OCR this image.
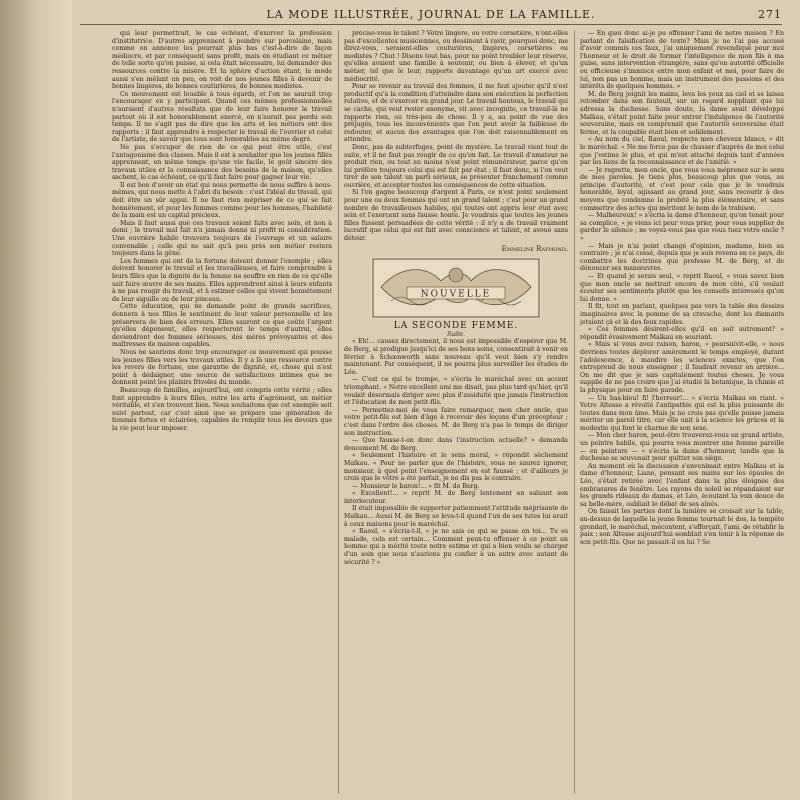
LA MODE ILLUSTRÉE, JOURNAL DE LA FAMILLE.	271

qui leur permettrait, le cas échéant, d'exercer la profession d'institutrice. D'autres apprennent à peindre sur porcelaine, mais comme on annonce les pourrait plus bas c'est-à-dire de façon médiocre, et par conséquent sans profit, mais en étudiant ce métier de telle sorte qu'on puisse, si cela était nécessaire, lui demander des ressources contre la misère. Et la sphère d'action étant, la mode aussi s'en mêlant un peu, on voit de nos jeunes filles à devenir de bonnes lingères, de bonnes couturières, de bonnes modistes.

Ce mouvement est louable à tous égards, et l'on ne saurait trop l'encourager en y participant. Quand ces mêmes professionnelles n'auraient d'autres résultats que de leur faire honorer le travail partout où il est honorablement exercé, on n'aurait pas perdu son temps. Il ne s'agit pas de dire que les arts et les métiers ont des rapports ; il faut apprendre à respecter le travail de l'ouvrier et celui de l'artiste, de savoir que tous sont honorables au même degré.

Ne pas s'occuper de rien de ce qui peut être utile, c'est l'antagonisme des classes. Mais il est à souhaiter que les jeunes filles apprennent, en même temps qu'une vie facile, le goût sincère des travaux utiles et la connaissance des besoins de la maison, qu'elles sachent, le cas échéant, ce qu'il faut faire pour gagner leur vie.

Il est bon d'avoir un état qui nous permette de nous suffire à nous-mêmes, qui nous mette à l'abri du besoin : c'est l'idéal du travail, qui doit être un sûr appui. Il ne faut rien mépriser de ce qui se fait honnêtement, et pour les femmes comme pour les hommes, l'habileté de la main est un capital précieux.

Mais il faut aussi que ces travaux soient faits avec soin, et non à demi ; le travail mal fait n'a jamais donné ni profit ni considération. Une ouvrière habile trouvera toujours de l'ouvrage et un salaire convenable ; celle qui ne sait qu'à peu près son métier restera toujours dans la gêne.

Les femmes qui ont de la fortune doivent donner l'exemple ; elles doivent honorer le travail et les travailleuses, et faire comprendre à leurs filles que la dignité de la femme ne souffre en rien de ce qu'elle sait faire œuvre de ses mains. Elles apprendront ainsi à leurs enfants à ne pas rougir du travail, et à estimer celles qui vivent honnêtement de leur aiguille ou de leur pinceau.

Cette éducation, qui ne demande point de grands sacrifices, donnera à nos filles le sentiment de leur valeur personnelle et les préservera de bien des erreurs. Elles sauront ce que coûte l'argent qu'elles dépensent, elles respecteront le temps d'autrui, elles deviendront des femmes sérieuses, des mères prévoyantes et des maîtresses de maison capables.

Nous ne saurions donc trop encourager ce mouvement qui pousse les jeunes filles vers les travaux utiles. Il y a là une ressource contre les revers de fortune, une garantie de dignité, et, chose qui n'est point à dédaigner, une source de satisfactions intimes que ne donnent point les plaisirs frivoles du monde.

Beaucoup de familles, aujourd'hui, ont compris cette vérité ; elles font apprendre à leurs filles, outre les arts d'agrément, un métier véritable, et s'en trouvent bien. Nous souhaitons que cet exemple soit suivi partout, car c'est ainsi que se prépare une génération de femmes fortes et éclairées, capables de remplir tous les devoirs que la vie peut leur imposer.

précise-vous le talent ? Votre lingère, ou votre corsetière, n'ont-elles pas d'excellentes musiciennes, ou dessinent à ravir, pourquoi donc, me direz-vous, seraient-elles couturières, lingères, corsetières ou modistes ? Chut ! Disons tout bas, pour ne point troubler leur réserve, qu'elles avaient une famille à soutenir, ou bien à élever, et qu'un métier, tel que le leur, rapporte davantage qu'un art exercé avec médiocrité.

Pour se revenir au travail des femmes, il me faut ajouter qu'il n'est productif qu'à la condition d'atteindre dans son exécution la perfection relative, et de s'exercer en grand jour. Le travail honteux, le travail qui se cache, qui veut rester anonyme, vit avec incognito, ce travail-là ne rapporte rien, ou très-peu de chose. Il y a, au point de vue des préjugés, tous les inconvénients que l'on peut avoir la faiblesse de redouter, et aucun des avantages que l'on doit raisonnablement en attendre.

Donc, pas de subterfuges, point de mystère. Le travail vient tout de suite, et il ne faut pas rougir de ce qu'on fait. Le travail d'amateur ne produit rien, ou tout au moins n'est point rémunérateur, parce qu'on lui préfère toujours celui qui est fait par état ; il faut donc, si l'on veut tirer de son talent un parti sérieux, se présenter franchement comme ouvrière, et accepter toutes les conséquences de cette situation.

Si l'on gagne beaucoup d'argent à Paris, ce n'est point seulement pour une ou deux femmes qui ont un grand talent ; c'est pour un grand nombre de travailleuses habiles, qui toutes ont appris leur état avec soin et l'exercent sans fausse honte. Je voudrais que toutes les jeunes filles fussent persuadées de cette vérité : il n'y a de travail vraiment lucratif que celui qui est fait avec conscience et talent, et avoué sans détour.

Emmeline Raymond.

NOUVELLE

LA SECONDE FEMME.

Suite.

« Eh!... causez directement, il nous est impossible d'espérer que M. de Berg, si prodigue jusqu'ici de ses bons soins, consentirait à venir en février à Schœnworth sans nouveau qu'il veut bien s'y rendre maintenant. Par conséquent, il ne pourra plus surveiller les études de Léo.

— C'est ce qui te trompe, » s'écria le maréchal avec un accent triomphant. « Notre excellent ami me disait, pas plus tard qu'hier, qu'il voulait désormais diriger avec plus d'assiduité que jamais l'instruction et l'éducation de mon petit-fils.

— Permettez-moi de vous faire remarquer, mon cher oncle, que votre petit-fils est bien d'âge à recevoir des leçons d'un précepteur ; c'est dans l'ordre des choses. M. de Berg n'a pas le temps de diriger son instruction.

— Que fausse-t-on donc dans l'instruction actuelle? » demanda doucement M. de Berg.

« Seulement l'histoire et le sens moral, » répondit sèchement Malkau. « Pour ne parler que de l'histoire, vous ne saurez ignorer, monsieur, à quel point l'enseignement en est faussé ; et d'ailleurs je crois que le vôtre a été parfait, je ne dis pas le contraire.

— Monsieur le baron!... » fit M. de Berg.

« Excellent!... » reprit M. de Berg lentement en saluant son interlocuteur.

Il était impossible de supporter patiemment l'attitude méprisante de Malkau... Aussi M. de Berg se leva-t-il quand l'un de ses tutes lui avait à ceux maisons pour le maréchal.

« Raoul, » s'écria-t-il, « je ne sais ce qui se passe en toi... Tu es malade, cela est certain... Comment peux-tu offenser à ce point un homme qui a mérité toute notre estime et qui a bien voulu se charger d'un soin que nous n'aurions pu confier à un autre avec autant de sécurité ? »

— En quoi donc ai-je pu offenser l'ami de notre maison ? En parlant de falsification de texte? Mais je ne l'ai pas accusé d'avoir commis ces faux, j'ai uniquement revendiqué pour moi l'honneur et le droit de former l'intelligence de mon fils à ma guise, sans intervention étrangère, sans qu'on autorité officielle ou officieuse s'immisce entre mon enfant et moi, pour faire de lui, non pas un homme, mais un instrument des passions et des intérêts de quelques hommes. »

M. de Berg joignit les mains, leva les yeux au ciel et se laissa retomber dans son fauteuil, sur un regard suppliant que lui adressa la duchesse. Sans doute, la dame avait développé Malkau, s'était point faite pour entrer l'indulgence de l'autorité souveraine, mais on comprenait que l'autorité souveraine était ferme, et la coupable était bien et solidement.

« Au nom du ciel, Raoul, respecte mes cheveux blancs, » dit le maréchal. « Ne me force pas de chasser d'auprès de moi celui que j'estime le plus, et qui m'est attaché depuis tant d'années par les liens de la reconnaissance et de l'amitié. »

— Je regrette, mon oncle, que vous vous méprenez sur le sens de mes paroles. Je tiens plus, beaucoup plus que vous, au principe d'autorité, et c'est pour cela que je le voudrais honorable, loyal, agissant au grand jour, sans recourir à des moyens que condamne la probité la plus élémentaire, et sans commettre des actes qui méritent le nom de la trahison.

— Malheureux! » s'écria la dame d'honneur, qu'on tenait pour sa complice, « je viens ici pour vous prier, pour vous supplier de garder le silence ; ne voyez-vous pas que vous tuez votre oncle ? »

— Mais je n'ai point changé d'opinion, madame, bien au contraire ; je n'ai cessé, depuis que je suis revenu en ce pays, de combattre les doctrines que professe M. de Berg, et de dénoncer ses manœuvres.

— Et quand je serais seul, » reprit Raoul, « vous savez bien que mon oncle se mettrait encore de mon côté, s'il voulait écouter ses sentiments plutôt que les conseils intéressés qu'on lui donne. »

Il fit, tout en parlant, quelques pas vers la table des dessins imaginaires avec la pomme de sa cravache, dont les diamants jetaient çà et là des feux rapides.

« Ces femmes désirent-elles qu'il en soit autrement? » répondit évasivement Malkau en souriant.

« Mais si vous avez raison, baron, » poursuivit-elle, « nous devrions toutes déplorer amèrement le temps employé, durant l'adolescence, à maudire les sciences exactes, que l'on entreprend de nous enseigner ; il faudrait revenir en arrière... On me dit que je sais capitalement toutes choses. Je vous supplie de ne pas croire que j'ai étudié la botanique, la chimie et la physique pour en faire parade.

— Un bas-bleu! fi! l'horreur!... » s'écria Malkau en riant. « Votre Altesse a révolté l'antipathie qui est la plus puissante de toutes dans mon âme. Mais je ne crois pas qu'elle puisse jamais mériter un pareil titre, car elle unit à la science les grâces et la modestie qui font le charme de son sexe.

— Mon cher baron, peut-être trouverez-vous un grand artiste, un peintre habile, qui pourra vous montrer une femme pareille — en peinture — » s'écria la dame d'honneur, tandis que la duchesse se souvenait pour quitter son siège.

Au moment où la discussion s'envenimait entre Malkau et la dame d'honneur, Liane, pensant ses mains sur les épaules de Léo, s'était retirée avec l'enfant dans la plus éloignée des embrasures de fenêtre. Les rayons du soleil se répandaient sur les grands rideaux de damas, et Léo, écoutant la voix douce de sa belle-mère, oubliait le débat de ses aînés.

On faisait les parties dont la lumière se croisait sur la table, au-dessus de laquelle la jeune femme tournait le dos, la tempête grondait, le maréchal, mécontent, s'efforçait, l'ami, de rétablir la paix : son Altesse aujourd'hui semblait s'en tenir à la réponse de son petit-fils. Que ne passait-il en lui ? Se
